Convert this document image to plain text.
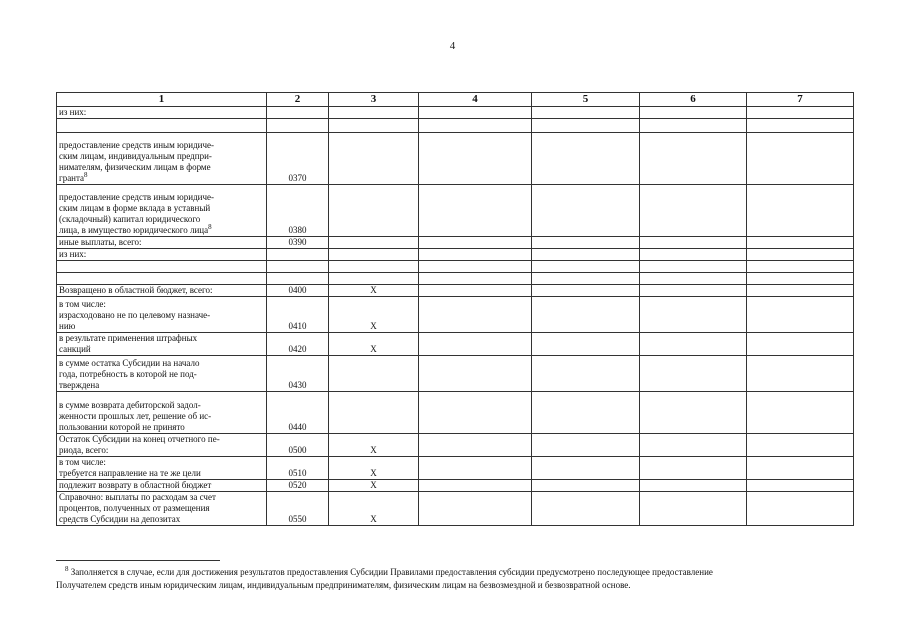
4
1	2	3	4	5	6	7

из них:						

предоставление средств иным юридиче-
ским лицам, индивидуальным предпри-
нимателям, физическим лицам в форме
гранта$^8$	0370					

предоставление средств иным юридиче-
ским лицам в форме вклада в уставный
(складочный) капитал юридического
лица, в имущество юридического лица$^8$	0380					

иные выплаты, всего:	0390					

из них:						

Возвращено в областной бюджет, всего:	0400	X				

в том числе:
израсходовано не по целевому назначе-
нию	0410	X				

в результате применения штрафных
санкций	0420	X				

в сумме остатка Субсидии на начало
года, потребность в которой не под-
тверждена	0430					

в сумме возврата дебиторской задол-
женности прошлых лет, решение об ис-
пользовании которой не принято	0440					

Остаток Субсидии на конец отчетного пе-
риода, всего:	0500	X				

в том числе:
требуется направление на те же цели	0510	X				

подлежит возврату в областной бюджет	0520	X				

Справочно: выплаты по расходам за счет
процентов, полученных от размещения
средств Субсидии на депозитах	0550	X				
$^8$ Заполняется в случае, если для достижения результатов предоставления Субсидии Правилами предоставления субсидии предусмотрено последующее предоставление
Получателем средств иным юридическим лицам, индивидуальным предпринимателям, физическим лицам на безвозмездной и безвозвратной основе.
